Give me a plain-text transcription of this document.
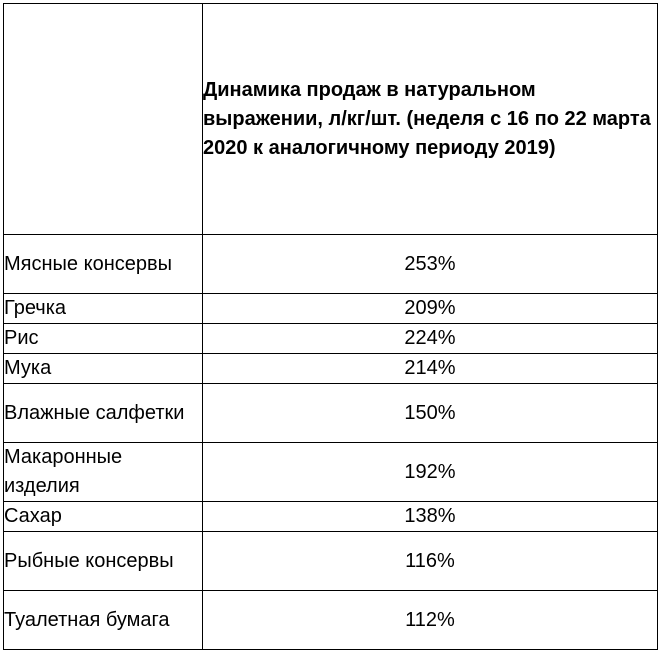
	Динамика продаж в натуральном выражении, л/кг/шт. (неделя с 16 по 22 марта 2020 к аналогичному периоду 2019)
Мясные консервы	253%
Гречка	209%
Рис	224%
Мука	214%
Влажные салфетки	150%
Макаронные изделия	192%
Сахар	138%
Рыбные консервы	116%
Туалетная бумага	112%
